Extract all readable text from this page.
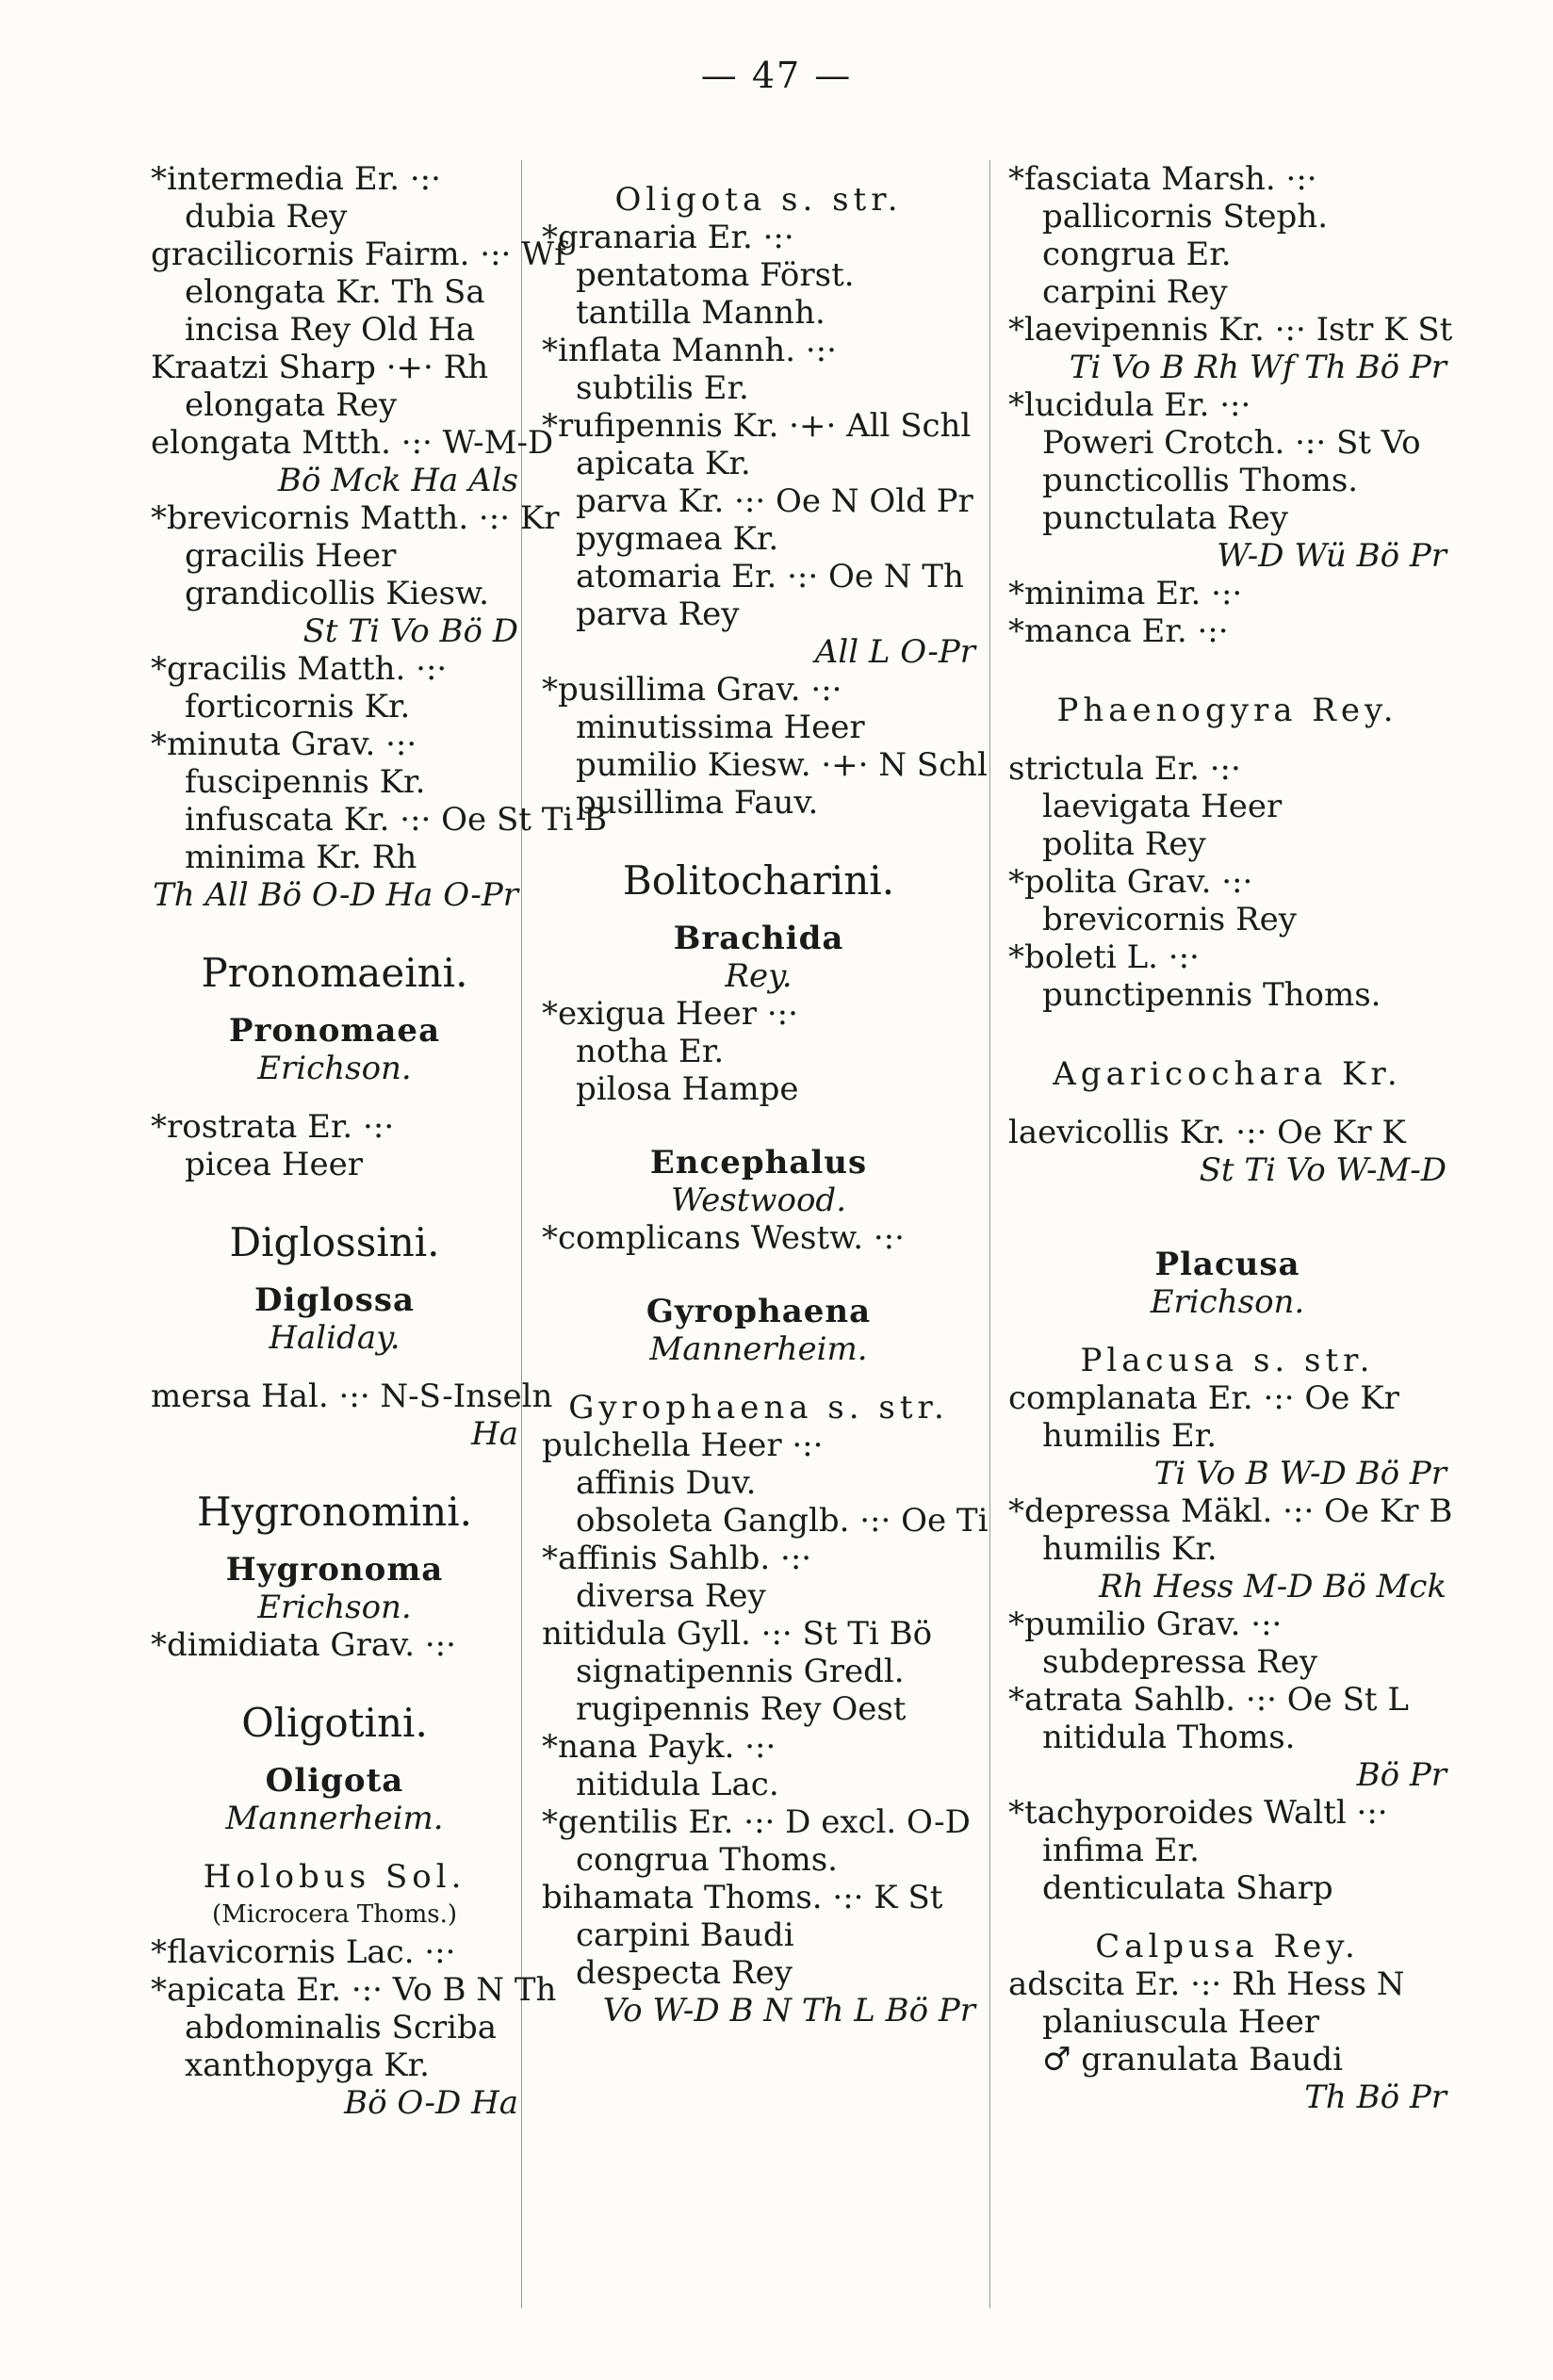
— 47 —
*intermedia Er. ·:·
dubia Rey
gracilicornis Fairm. ·:· Wf
elongata Kr. Th Sa
incisa Rey Old Ha
Kraatzi Sharp ·+· Rh
elongata Rey
elongata Mtth. ·:· W-M-D
Bö Mck Ha Als
*brevicornis Matth. ·:· Kr
gracilis Heer
grandicollis Kiesw.
St Ti Vo Bö D
*gracilis Matth. ·:·
forticornis Kr.
*minuta Grav. ·:·
fuscipennis Kr.
infuscata Kr. ·:· Oe St Ti B
minima Kr. Rh
Th All Bö O-D Ha O-Pr
Pronomaeini.
Pronomaea
Erichson.
*rostrata Er. ·:·
picea Heer
Diglossini.
Diglossa
Haliday.
mersa Hal. ·:· N-S-Inseln
Ha
Hygronomini.
Hygronoma
Erichson.
*dimidiata Grav. ·:·
Oligotini.
Oligota
Mannerheim.
Holobus Sol.
(Microcera Thoms.)
*flavicornis Lac. ·:·
*apicata Er. ·:· Vo B N Th
abdominalis Scriba
xanthopyga Kr.
Bö O-D Ha
Oligota s. str.
*granaria Er. ·:·
pentatoma Först.
tantilla Mannh.
*inflata Mannh. ·:·
subtilis Er.
*rufipennis Kr. ·+· All Schl
apicata Kr.
parva Kr. ·:· Oe N Old Pr
pygmaea Kr.
atomaria Er. ·:· Oe N Th
parva Rey
All L O-Pr
*pusillima Grav. ·:·
minutissima Heer
pumilio Kiesw. ·+· N Schl
pusillima Fauv.
Bolitocharini.
Brachida
Rey.
*exigua Heer ·:·
notha Er.
pilosa Hampe
Encephalus
Westwood.
*complicans Westw. ·:·
Gyrophaena
Mannerheim.
Gyrophaena s. str.
pulchella Heer ·:·
affinis Duv.
obsoleta Ganglb. ·:· Oe Ti
*affinis Sahlb. ·:·
diversa Rey
nitidula Gyll. ·:· St Ti Bö
signatipennis Gredl.
rugipennis Rey Oest
*nana Payk. ·:·
nitidula Lac.
*gentilis Er. ·:· D excl. O-D
congrua Thoms.
bihamata Thoms. ·:· K St
carpini Baudi
despecta Rey
Vo W-D B N Th L Bö Pr
*fasciata Marsh. ·:·
pallicornis Steph.
congrua Er.
carpini Rey
*laevipennis Kr. ·:· Istr K St
Ti Vo B Rh Wf Th Bö Pr
*lucidula Er. ·:·
Poweri Crotch. ·:· St Vo
puncticollis Thoms.
punctulata Rey
W-D Wü Bö Pr
*minima Er. ·:·
*manca Er. ·:·
Phaenogyra Rey.
strictula Er. ·:·
laevigata Heer
polita Rey
*polita Grav. ·:·
brevicornis Rey
*boleti L. ·:·
punctipennis Thoms.
Agaricochara Kr.
laevicollis Kr. ·:· Oe Kr K
St Ti Vo W-M-D
Placusa
Erichson.
Placusa s. str.
complanata Er. ·:· Oe Kr
humilis Er.
Ti Vo B W-D Bö Pr
*depressa Mäkl. ·:· Oe Kr B
humilis Kr.
Rh Hess M-D Bö Mck
*pumilio Grav. ·:·
subdepressa Rey
*atrata Sahlb. ·:· Oe St L
nitidula Thoms.
Bö Pr
*tachyporoides Waltl ·:·
infima Er.
denticulata Sharp
Calpusa Rey.
adscita Er. ·:· Rh Hess N
planiuscula Heer
♂ granulata Baudi
Th Bö Pr
